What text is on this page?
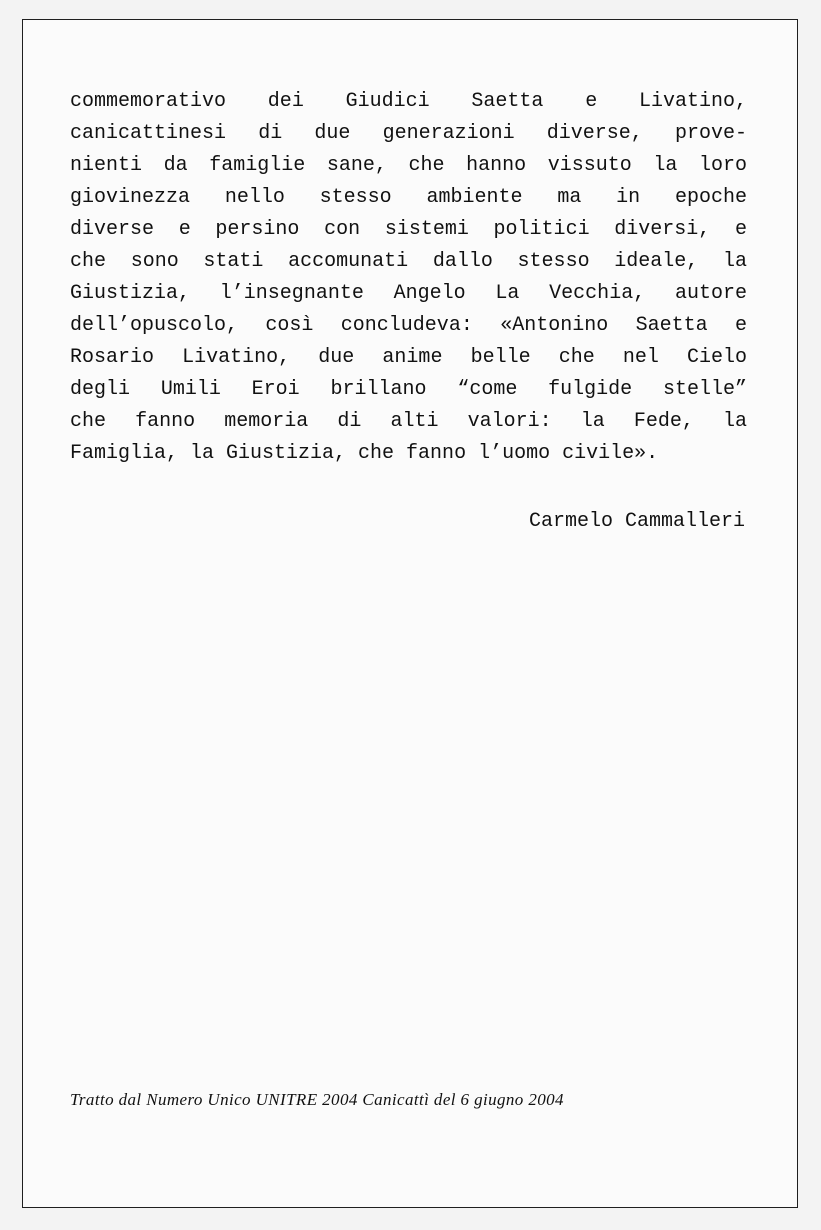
commemorativo dei Giudici Saetta e Livatino,
canicattinesi di due generazioni diverse, prove-
nienti da famiglie sane, che hanno vissuto la loro
giovinezza nello stesso ambiente ma in epoche
diverse e persino con sistemi politici diversi, e
che sono stati accomunati dallo stesso ideale, la
Giustizia, l’insegnante Angelo La Vecchia, autore
dell’opuscolo, così concludeva: «Antonino Saetta e
Rosario Livatino, due anime belle che nel Cielo
degli Umili Eroi brillano “come fulgide stelle”
che fanno memoria di alti valori: la Fede, la
Famiglia, la Giustizia, che fanno l’uomo civile».

Carmelo Cammalleri

Tratto dal Numero Unico UNITRE 2004 Canicattì del 6 giugno 2004
